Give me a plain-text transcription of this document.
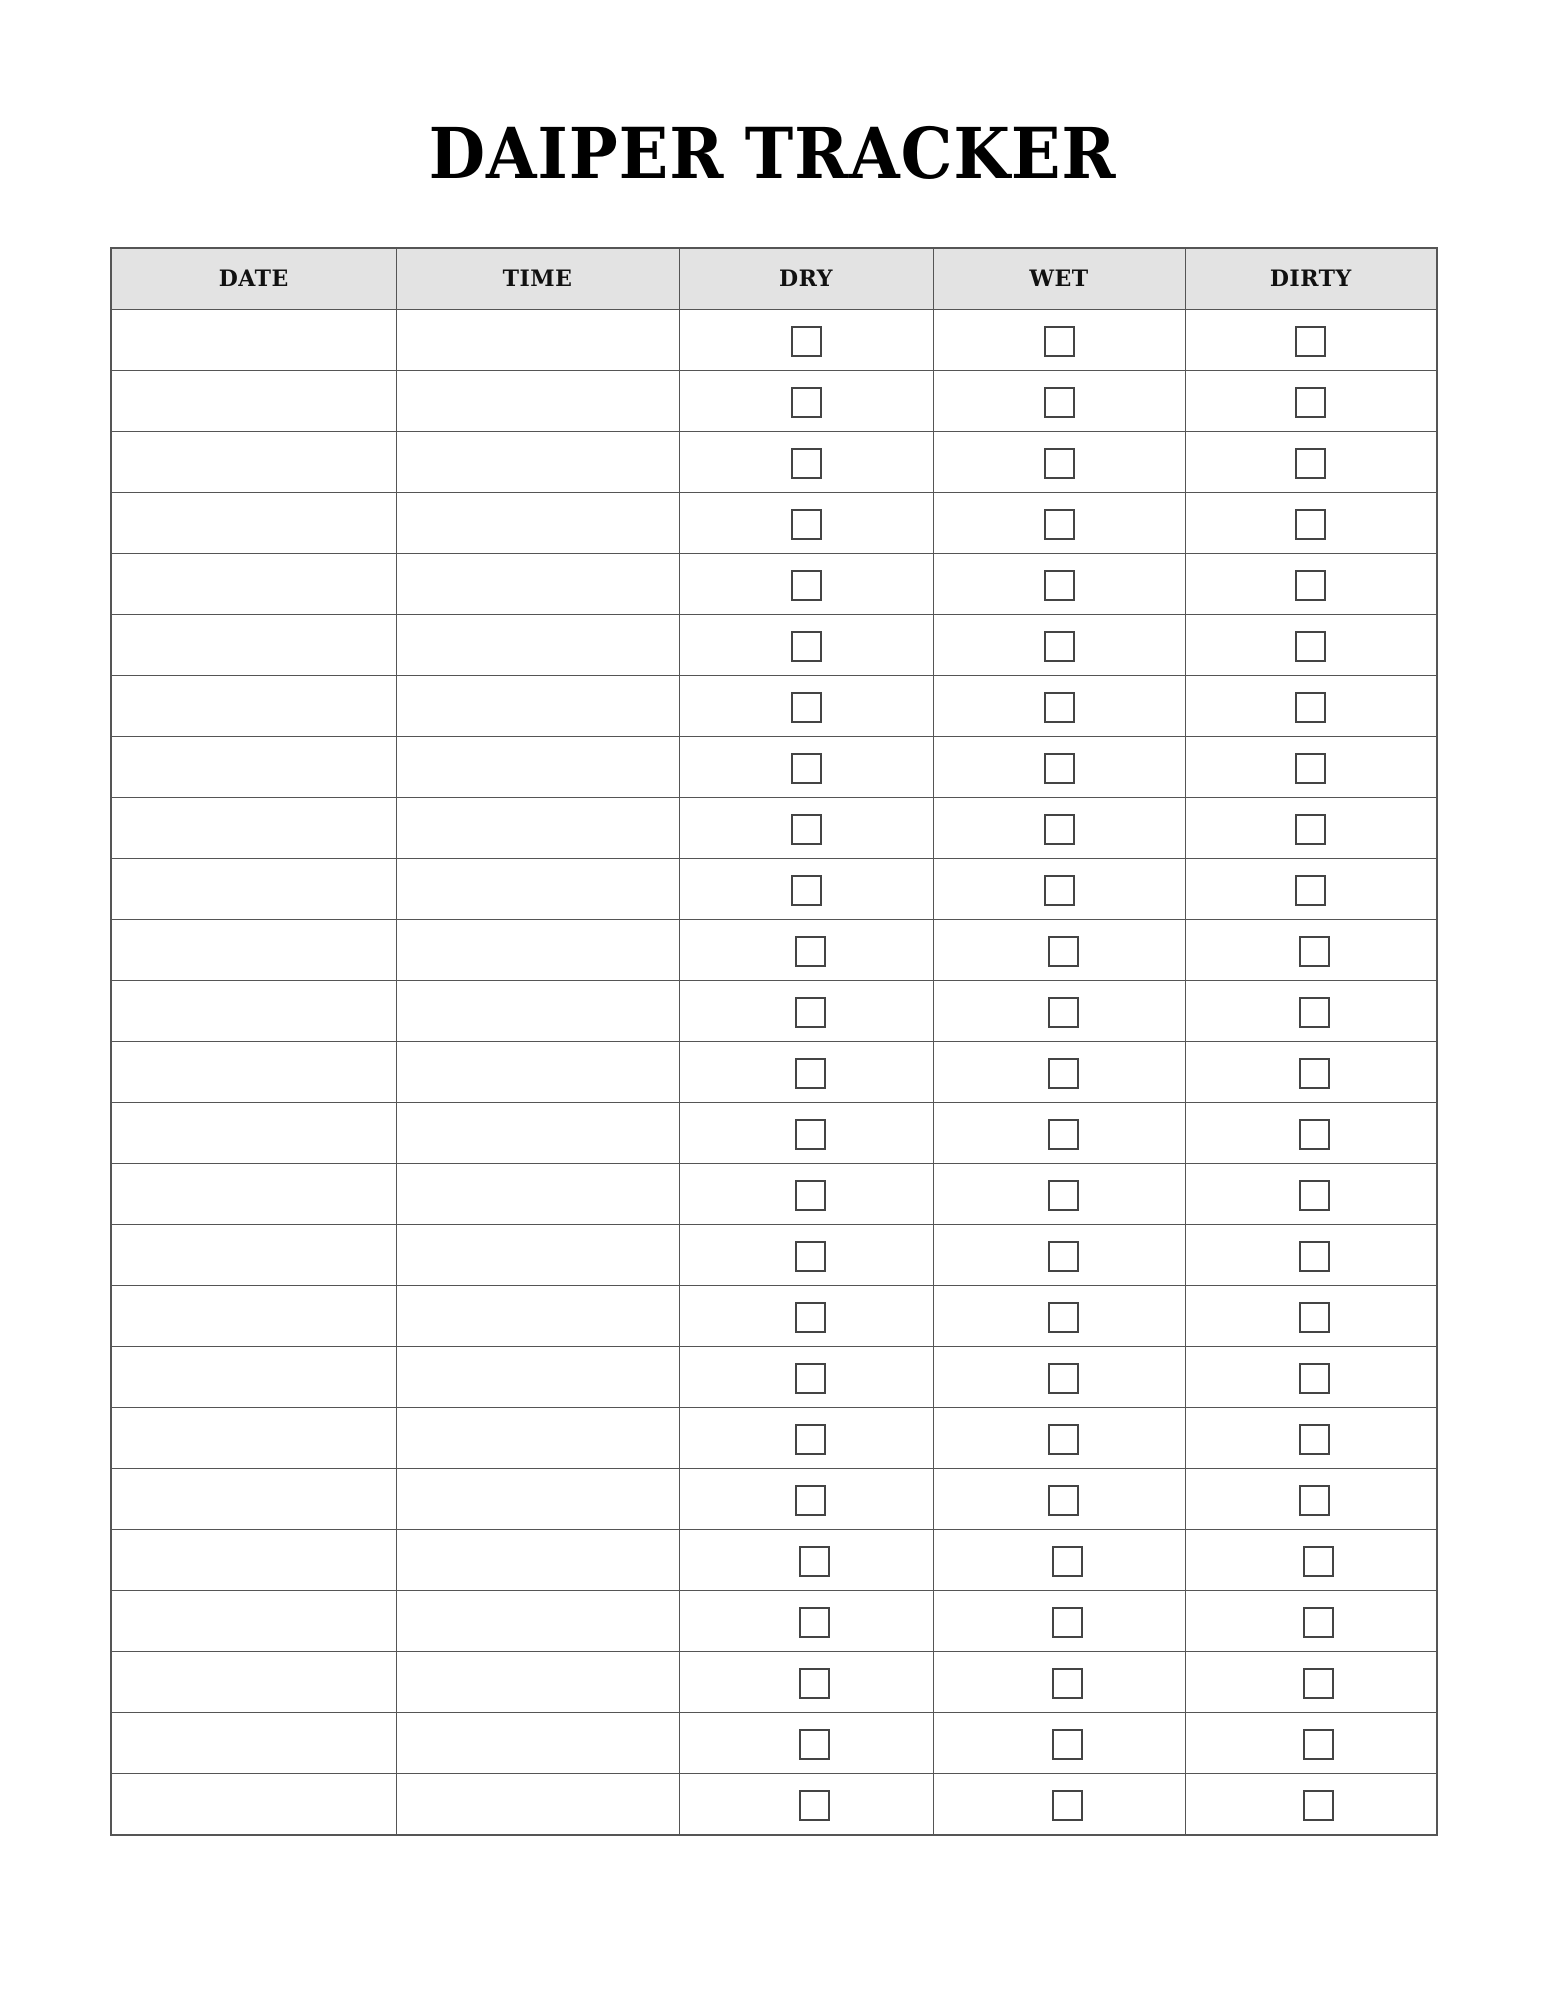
DAIPER TRACKER
DATE	TIME	DRY	WET	DIRTY
